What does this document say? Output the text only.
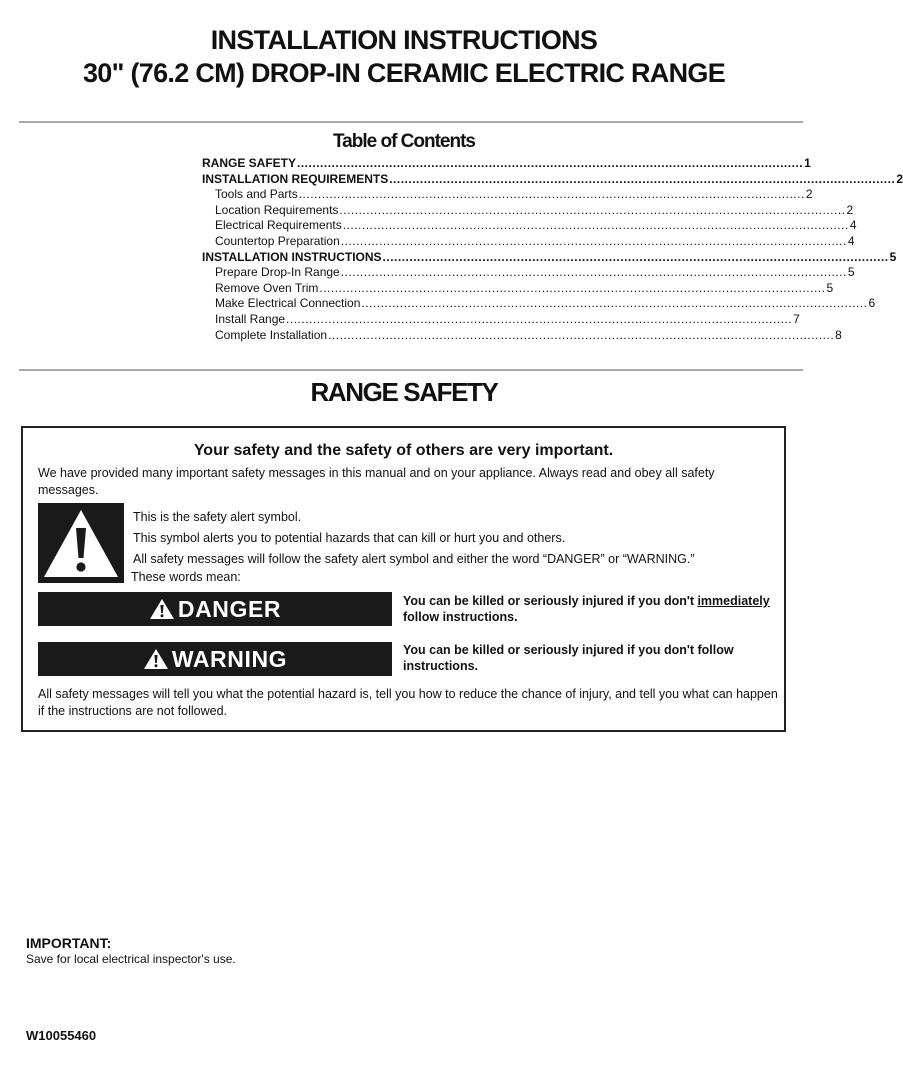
INSTALLATION INSTRUCTIONS
30" (76.2 CM) DROP-IN CERAMIC ELECTRIC RANGE
Table of Contents
RANGE SAFETY .................................................................................................................................... 1
INSTALLATION REQUIREMENTS .................................................................................................................................... 2
Tools and Parts .................................................................................................................................... 2
Location Requirements .................................................................................................................................... 2
Electrical Requirements .................................................................................................................................... 4
Countertop Preparation .................................................................................................................................... 4
INSTALLATION INSTRUCTIONS .................................................................................................................................... 5
Prepare Drop-In Range .................................................................................................................................... 5
Remove Oven Trim .................................................................................................................................... 5
Make Electrical Connection .................................................................................................................................... 6
Install Range .................................................................................................................................... 7
Complete Installation .................................................................................................................................... 8
RANGE SAFETY
Your safety and the safety of others are very important.
We have provided many important safety messages in this manual and on your appliance. Always read and obey all safety messages.
This is the safety alert symbol.
This symbol alerts you to potential hazards that can kill or hurt you and others.
All safety messages will follow the safety alert symbol and either the word “DANGER” or “WARNING.”
These words mean:
DANGER	You can be killed or seriously injured if you don't immediately follow instructions.
WARNING	You can be killed or seriously injured if you don't follow instructions.
All safety messages will tell you what the potential hazard is, tell you how to reduce the chance of injury, and tell you what can happen if the instructions are not followed.
IMPORTANT:
Save for local electrical inspector's use.
W10055460
